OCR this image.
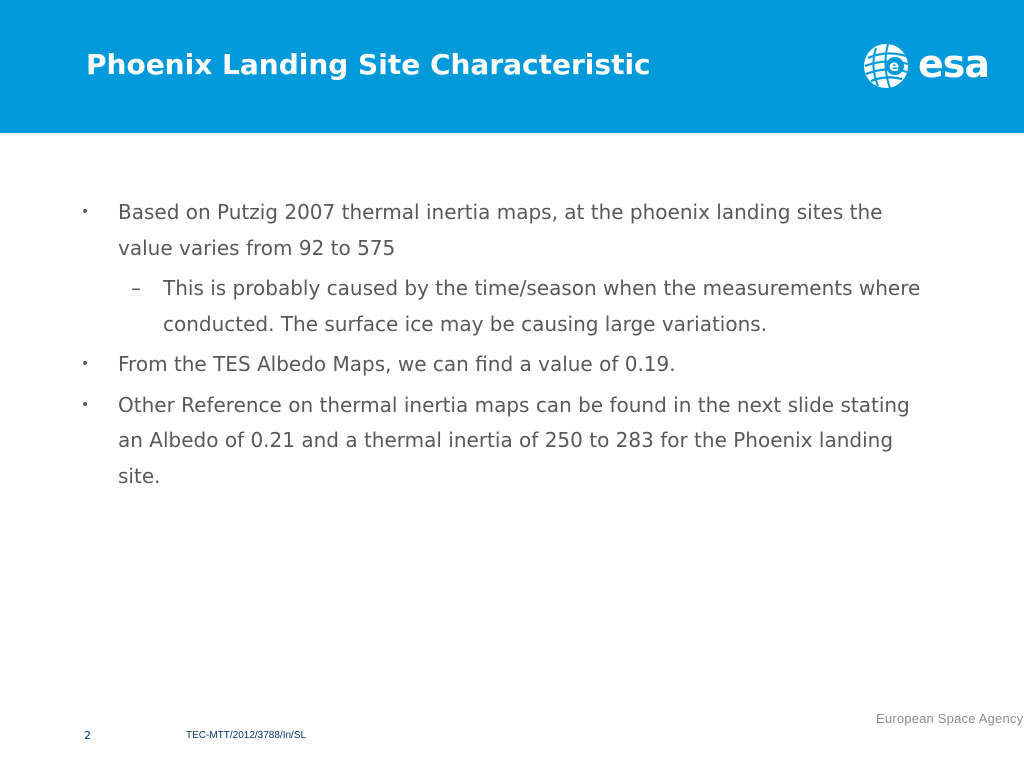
Phoenix Landing Site Characteristic	e esa
• Based on Putzig 2007 thermal inertia maps, at the phoenix landing sites the value varies from 92 to 575
– This is probably caused by the time/season when the measurements where conducted. The surface ice may be causing large variations.
• From the TES Albedo Maps, we can find a value of 0.19.
• Other Reference on thermal inertia maps can be found in the next slide stating an Albedo of 0.21 and a thermal inertia of 250 to 283 for the Phoenix landing site.
European Space Agency
2	TEC-MTT/2012/3788/In/SL
